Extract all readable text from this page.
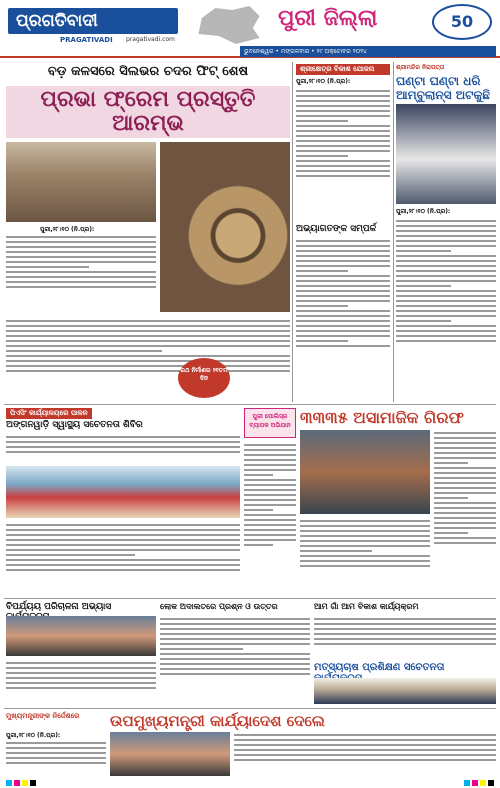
ପ୍ରଗତିବାଦୀ
PRAGATIVADI pragativadi.com
ପୁରୀ ଜିଲ୍ଲା	50
ଭୁବନେଶ୍ୱର • ମଙ୍ଗଳବାର • ୨୯ ଅକ୍ଟୋବର ୨୦୨୪
ବଡ଼ କଳସରେ ସିଲଭର ଚଦର ଫିଟ୍ ଶେଷ
ପ୍ରଭା ଫ୍ରେମ ପ୍ରସ୍ତୁତି ଆରମ୍ଭ
ପୁରୀ,୨୮।୧୦ (ନି.ପ୍ର):
ରଥ ନିର୍ମାଣର ୨୧ତମ ଦିନ
ଶ୍ରୀକ୍ଷେତ୍ର ବିକାଶ ଯୋଜନା
ପୁରୀ,୨୮।୧୦ (ନି.ପ୍ର):
ଅଭ୍ୟାଗତଙ୍କ ସମ୍ପର୍କ
ଶ୍ରୀମନ୍ଦିର ନିରାପତ୍ତା
ଘଣ୍ଟା ଘଣ୍ଟା ଧରି ଆମ୍ବୁଲାନ୍ସ ଅଟକୁଛି
ପୁରୀ,୨୮।୧୦ (ନି.ପ୍ର):
ପିଏସିଂ କାର୍ଯ୍ୟାଳୟରେ ପାଳନ
ଅଙ୍ଗନୱାଡ଼ି ସ୍ୱାସ୍ଥ୍ୟ ସଚେତନତା ଶିବିର
ପୁରୀ ପୋଲିସ୍ର ବ୍ୟାପକ ଅଭିଯାନ ୩୩୩୫ ଅସାମାଜିକ ଗିରଫ
ବିପର୍ଯ୍ୟୟ ପରିଚାଳନା ଅଭ୍ୟାସ	ଲୋକ ଅଦାଲତରେ ପ୍ରଶ୍ନ ଓ ଉତ୍ତର	ଆମ ଗାଁ ଆମ ବିକାଶ କାର୍ଯ୍ୟକ୍ରମ
ମତ୍ସ୍ୟଚାଷ ପ୍ରଶିକ୍ଷଣ ସଚେତନତା
ମୁଖ୍ୟମନ୍ତ୍ରୀଙ୍କ ନିର୍ଦ୍ଦେଶରେ	ଉପମୁଖ୍ୟମନ୍ତ୍ରୀ କାର୍ଯ୍ୟାଦେଶ ଦେଲେ
ପୁରୀ,୨୮।୧୦ (ନି.ପ୍ର):
